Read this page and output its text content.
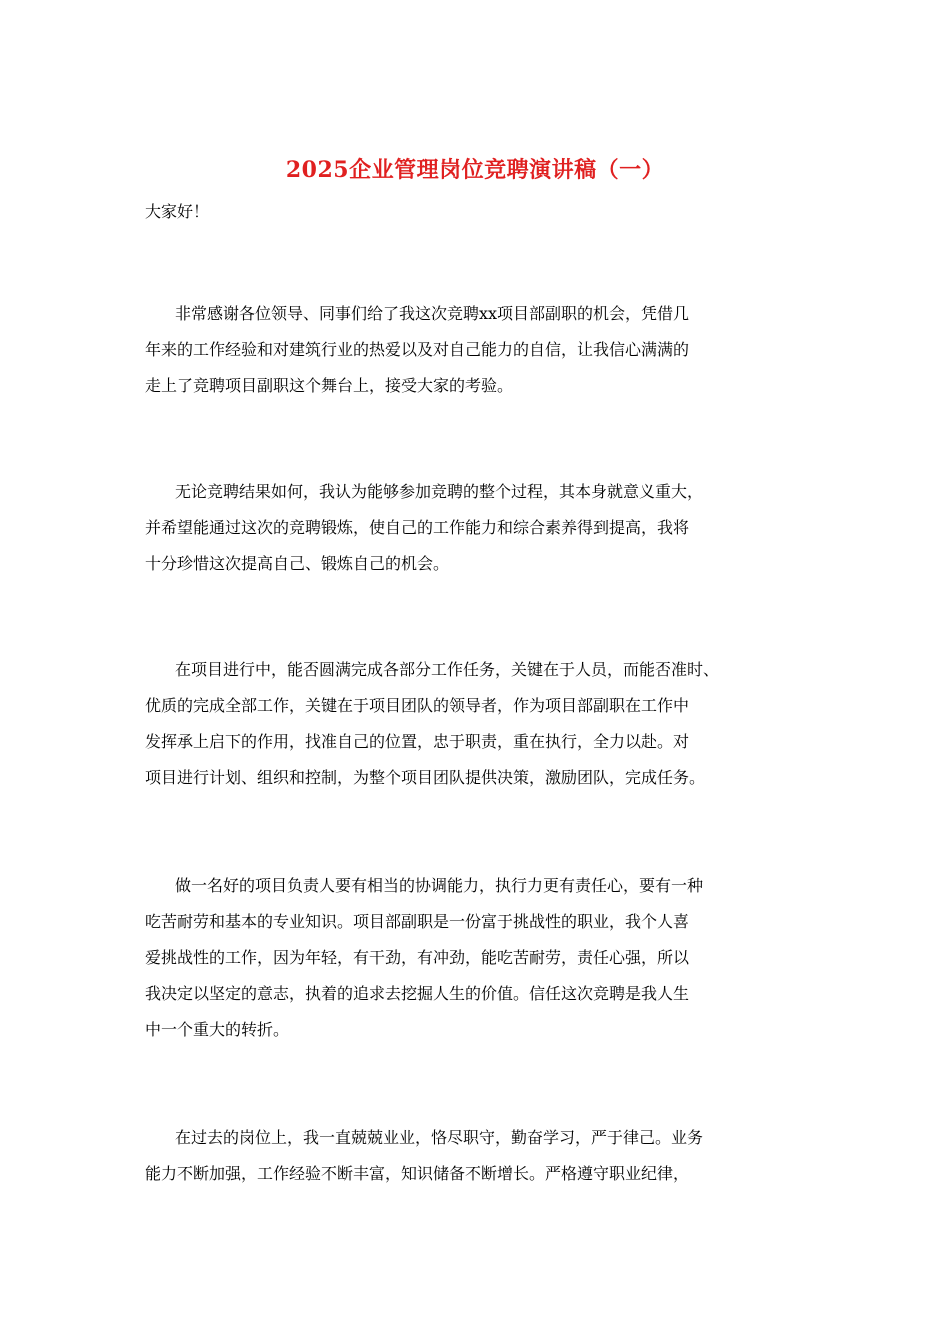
2025企业管理岗位竞聘演讲稿（一）
大家好！
非常感谢各位领导、同事们给了我这次竞聘xx项目部副职的机会，凭借几
年来的工作经验和对建筑行业的热爱以及对自己能力的自信，让我信心满满的
走上了竞聘项目副职这个舞台上，接受大家的考验。
无论竞聘结果如何，我认为能够参加竞聘的整个过程，其本身就意义重大，
并希望能通过这次的竞聘锻炼，使自己的工作能力和综合素养得到提高，我将
十分珍惜这次提高自己、锻炼自己的机会。
在项目进行中，能否圆满完成各部分工作任务，关键在于人员，而能否准时、
优质的完成全部工作，关键在于项目团队的领导者，作为项目部副职在工作中
发挥承上启下的作用，找准自己的位置，忠于职责，重在执行，全力以赴。对
项目进行计划、组织和控制，为整个项目团队提供决策，激励团队，完成任务。
做一名好的项目负责人要有相当的协调能力，执行力更有责任心，要有一种
吃苦耐劳和基本的专业知识。项目部副职是一份富于挑战性的职业，我个人喜
爱挑战性的工作，因为年轻，有干劲，有冲劲，能吃苦耐劳，责任心强，所以
我决定以坚定的意志，执着的追求去挖掘人生的价值。信任这次竞聘是我人生
中一个重大的转折。
在过去的岗位上，我一直兢兢业业，恪尽职守，勤奋学习，严于律己。业务
能力不断加强，工作经验不断丰富，知识储备不断增长。严格遵守职业纪律，
